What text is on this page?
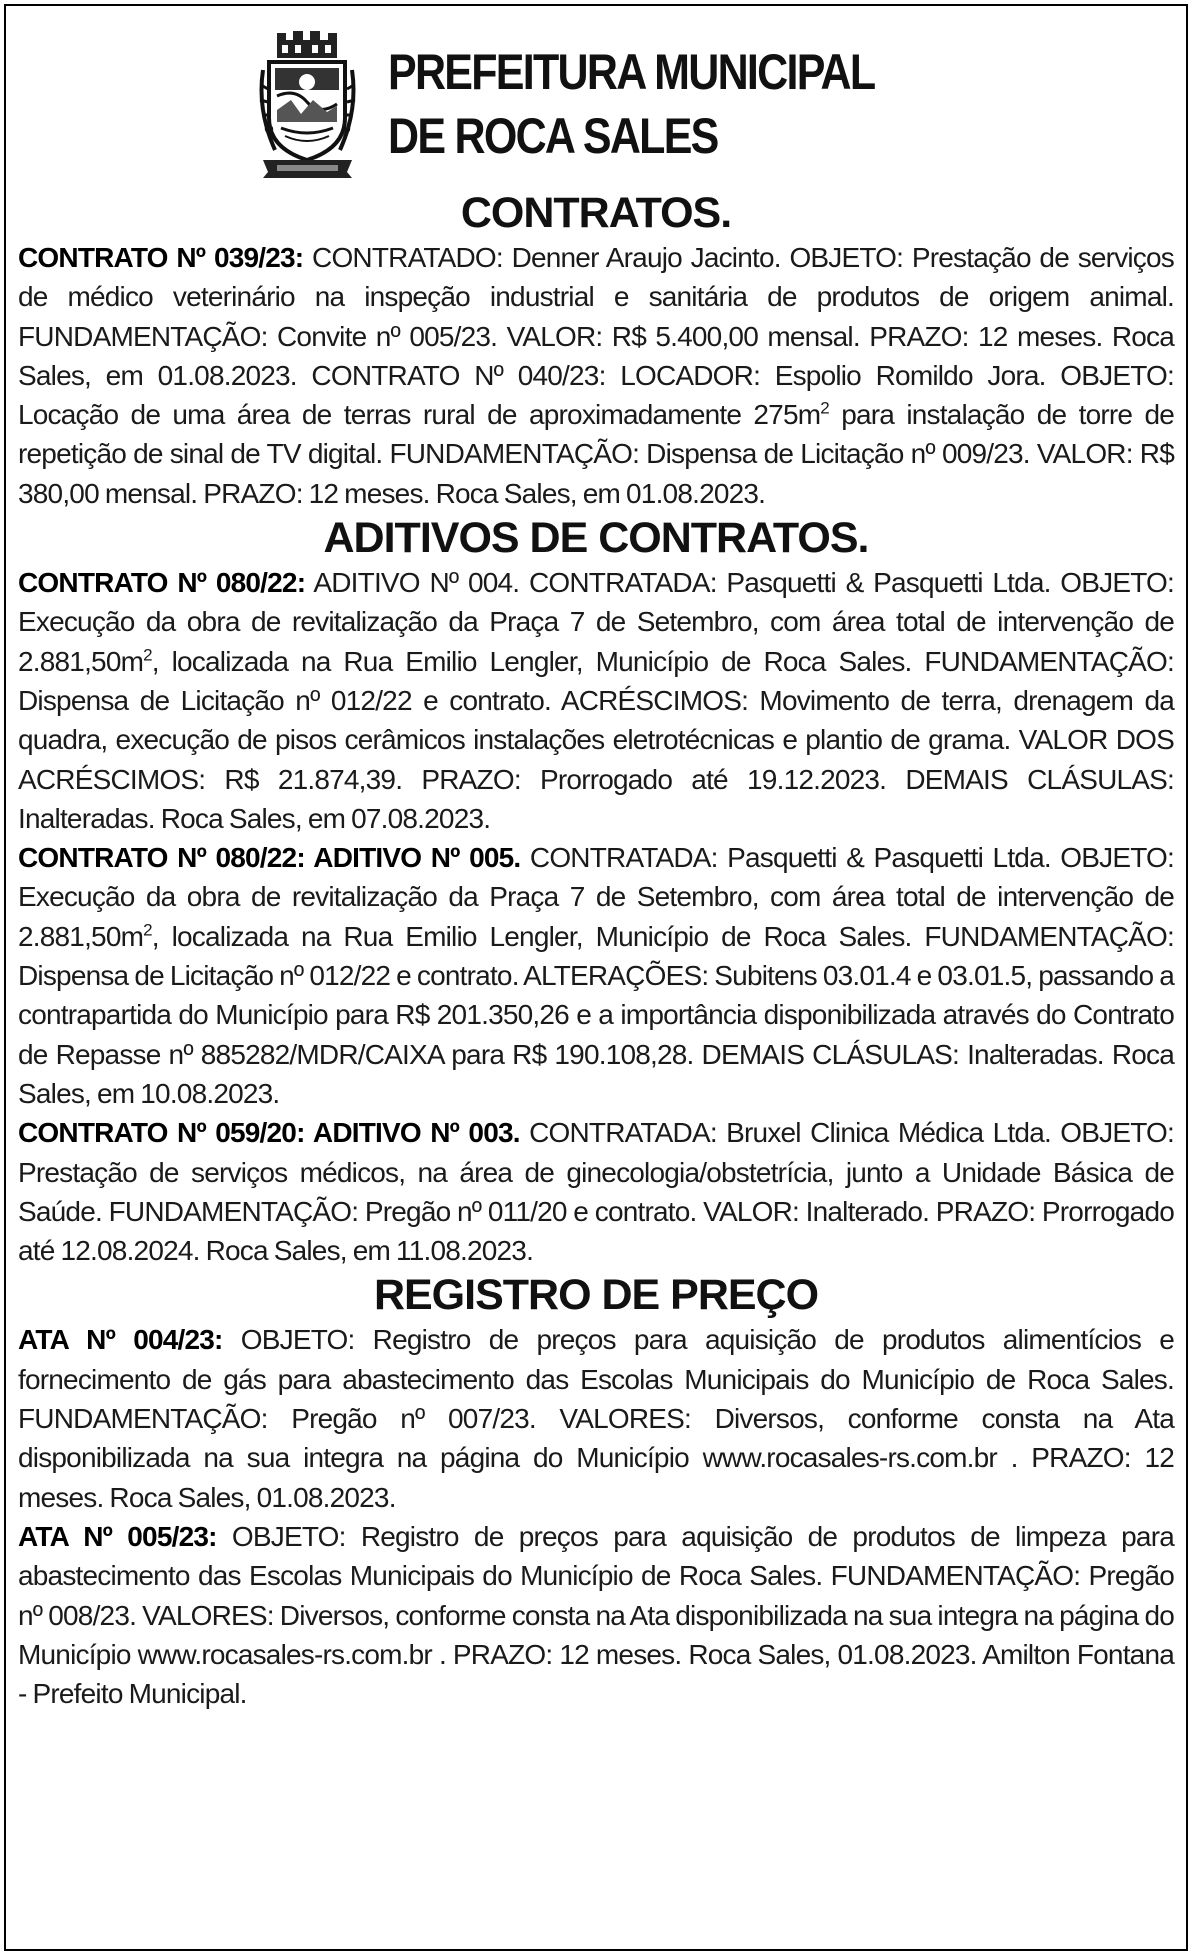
PREFEITURA MUNICIPAL
DE ROCA SALES
CONTRATOS.

CONTRATO Nº 039/23: CONTRATADO: Denner Araujo Jacinto. OBJETO: Prestação de serviços de médico veterinário na inspeção industrial e sanitária de produtos de origem animal. FUNDAMENTAÇÃO: Convite nº 005/23. VALOR: R$ 5.400,00 mensal. PRAZO: 12 meses. Roca Sales, em 01.08.2023. CONTRATO Nº 040/23: LOCADOR: Espolio Romildo Jora. OBJETO: Locação de uma área de terras rural de aproximadamente $275m^2$ para instalação de torre de repetição de sinal de TV digital. FUNDAMENTAÇÃO: Dispensa de Licitação nº 009/23. VALOR: R$ 380,00 mensal. PRAZO: 12 meses. Roca Sales, em 01.08.2023.

ADITIVOS DE CONTRATOS.

CONTRATO Nº 080/22: ADITIVO Nº 004. CONTRATADA: Pasquetti & Pasquetti Ltda. OBJETO: Execução da obra de revitalização da Praça 7 de Setembro, com área total de intervenção de $2.881,50m^2$, localizada na Rua Emilio Lengler, Município de Roca Sales. FUNDAMENTAÇÃO: Dispensa de Licitação nº 012/22 e contrato. ACRÉSCIMOS: Movimento de terra, drenagem da quadra, execução de pisos cerâmicos instalações eletrotécnicas e plantio de grama. VALOR DOS ACRÉSCIMOS: R$ 21.874,39. PRAZO: Prorrogado até 19.12.2023. DEMAIS CLÁSULAS: Inalteradas. Roca Sales, em 07.08.2023.

CONTRATO Nº 080/22: ADITIVO Nº 005. CONTRATADA: Pasquetti & Pasquetti Ltda. OBJETO: Execução da obra de revitalização da Praça 7 de Setembro, com área total de intervenção de $2.881,50m^2$, localizada na Rua Emilio Lengler, Município de Roca Sales. FUNDAMENTAÇÃO: Dispensa de Licitação nº 012/22 e contrato. ALTERAÇÕES: Subitens 03.01.4 e 03.01.5, passando a contrapartida do Município para R$ 201.350,26 e a importância disponibilizada através do Contrato de Repasse nº 885282/MDR/CAIXA para R$ 190.108,28. DEMAIS CLÁSULAS: Inalteradas. Roca Sales, em 10.08.2023.

CONTRATO Nº 059/20: ADITIVO Nº 003. CONTRATADA: Bruxel Clinica Médica Ltda. OBJETO: Prestação de serviços médicos, na área de ginecologia/obstetrícia, junto a Unidade Básica de Saúde. FUNDAMENTAÇÃO: Pregão nº 011/20 e contrato. VALOR: Inalterado. PRAZO: Prorrogado até 12.08.2024. Roca Sales, em 11.08.2023.

REGISTRO DE PREÇO

ATA Nº 004/23: OBJETO: Registro de preços para aquisição de produtos alimentícios e fornecimento de gás para abastecimento das Escolas Municipais do Município de Roca Sales. FUNDAMENTAÇÃO: Pregão nº 007/23. VALORES: Diversos, conforme consta na Ata disponibilizada na sua integra na página do Município www.rocasales-rs.com.br . PRAZO: 12 meses. Roca Sales, 01.08.2023.

ATA Nº 005/23: OBJETO: Registro de preços para aquisição de produtos de limpeza para abastecimento das Escolas Municipais do Município de Roca Sales. FUNDAMENTAÇÃO: Pregão nº 008/23. VALORES: Diversos, conforme consta na Ata disponibilizada na sua integra na página do Município www.rocasales-rs.com.br . PRAZO: 12 meses. Roca Sales, 01.08.2023. Amilton Fontana - Prefeito Municipal.
